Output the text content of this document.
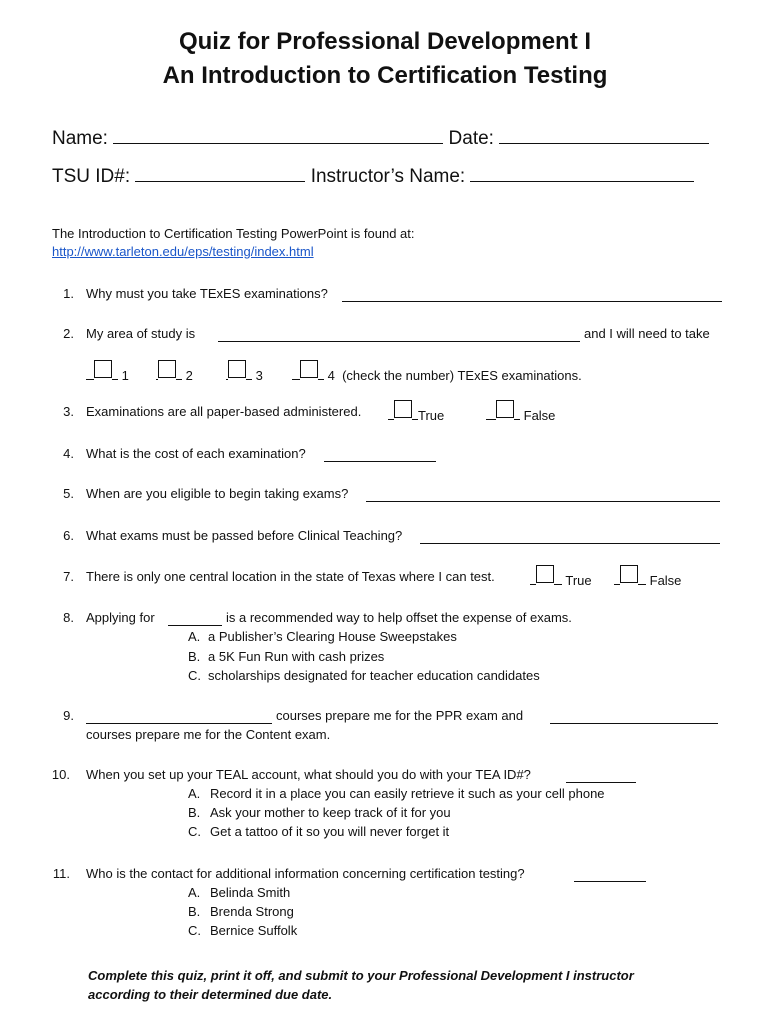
Quiz for Professional Development I
An Introduction to Certification Testing
Name:	Date:
TSU ID#:	Instructor’s Name:
The Introduction to Certification Testing PowerPoint is found at:
http://www.tarleton.edu/eps/testing/index.html
1. Why must you take TExES examinations?
2. My area of study is	and I will need to take
1	2	3	4 (check the number) TExES examinations.
3. Examinations are all paper-based administered.	True	False
4. What is the cost of each examination?
5. When are you eligible to begin taking exams?
6. What exams must be passed before Clinical Teaching?
7. There is only one central location in the state of Texas where I can test.	True	False
8. Applying for	is a recommended way to help offset the expense of exams.
A. a Publisher’s Clearing House Sweepstakes
B. a 5K Fun Run with cash prizes
C. scholarships designated for teacher education candidates
9.	courses prepare me for the PPR exam and
courses prepare me for the Content exam.
10. When you set up your TEAL account, what should you do with your TEA ID#?
A. Record it in a place you can easily retrieve it such as your cell phone
B. Ask your mother to keep track of it for you
C. Get a tattoo of it so you will never forget it
11. Who is the contact for additional information concerning certification testing?
A. Belinda Smith
B. Brenda Strong
C. Bernice Suffolk
Complete this quiz, print it off, and submit to your Professional Development I instructor
according to their determined due date.
